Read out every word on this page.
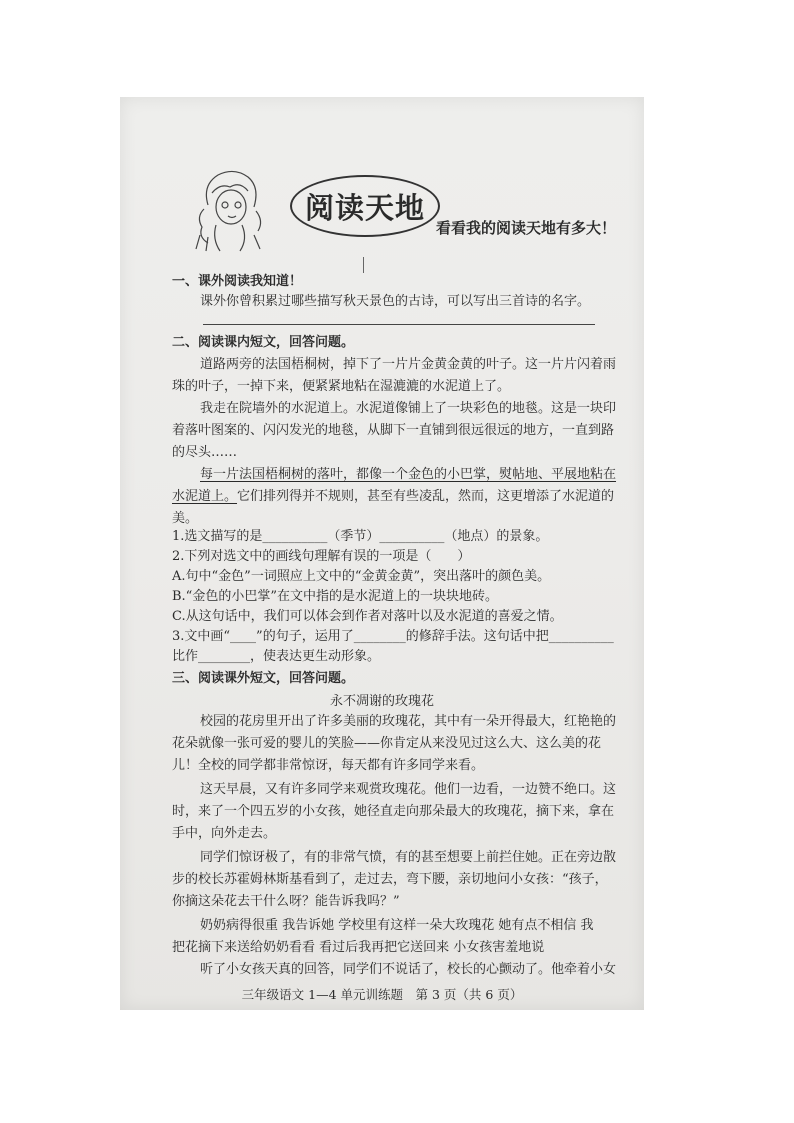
阅读天地
看看我的阅读天地有多大！
一、课外阅读我知道！
课外你曾积累过哪些描写秋天景色的古诗，可以写出三首诗的名字。
二、阅读课内短文，回答问题。
道路两旁的法国梧桐树，掉下了一片片金黄金黄的叶子。这一片片闪着雨
珠的叶子，一掉下来，便紧紧地粘在湿漉漉的水泥道上了。
我走在院墙外的水泥道上。水泥道像铺上了一块彩色的地毯。这是一块印
着落叶图案的、闪闪发光的地毯，从脚下一直铺到很远很远的地方，一直到路
的尽头……
每一片法国梧桐树的落叶，都像一个金色的小巴掌，熨帖地、平展地粘在
水泥道上。它们排列得并不规则，甚至有些凌乱，然而，这更增添了水泥道的
美。
1.选文描写的是__________（季节）__________（地点）的景象。
2.下列对选文中的画线句理解有误的一项是（　　）
A.句中“金色”一词照应上文中的“金黄金黄”，突出落叶的颜色美。
B.“金色的小巴掌”在文中指的是水泥道上的一块块地砖。
C.从这句话中，我们可以体会到作者对落叶以及水泥道的喜爱之情。
3.文中画“____”的句子，运用了________的修辞手法。这句话中把__________
比作________，使表达更生动形象。
三、阅读课外短文，回答问题。
永不凋谢的玫瑰花
校园的花房里开出了许多美丽的玫瑰花，其中有一朵开得最大，红艳艳的
花朵就像一张可爱的婴儿的笑脸——你肯定从来没见过这么大、这么美的花
儿！全校的同学都非常惊讶，每天都有许多同学来看。
这天早晨，又有许多同学来观赏玫瑰花。他们一边看，一边赞不绝口。这
时，来了一个四五岁的小女孩，她径直走向那朵最大的玫瑰花，摘下来，拿在
手中，向外走去。
同学们惊讶极了，有的非常气愤，有的甚至想要上前拦住她。正在旁边散
步的校长苏霍姆林斯基看到了，走过去，弯下腰，亲切地问小女孩：“孩子，
你摘这朵花去干什么呀？能告诉我吗？”
奶奶病得很重 我告诉她 学校里有这样一朵大玫瑰花 她有点不相信 我
把花摘下来送给奶奶看看 看过后我再把它送回来 小女孩害羞地说
听了小女孩天真的回答，同学们不说话了，校长的心颤动了。他牵着小女
三年级语文 1—4 单元训练题　第 3 页（共 6 页）
